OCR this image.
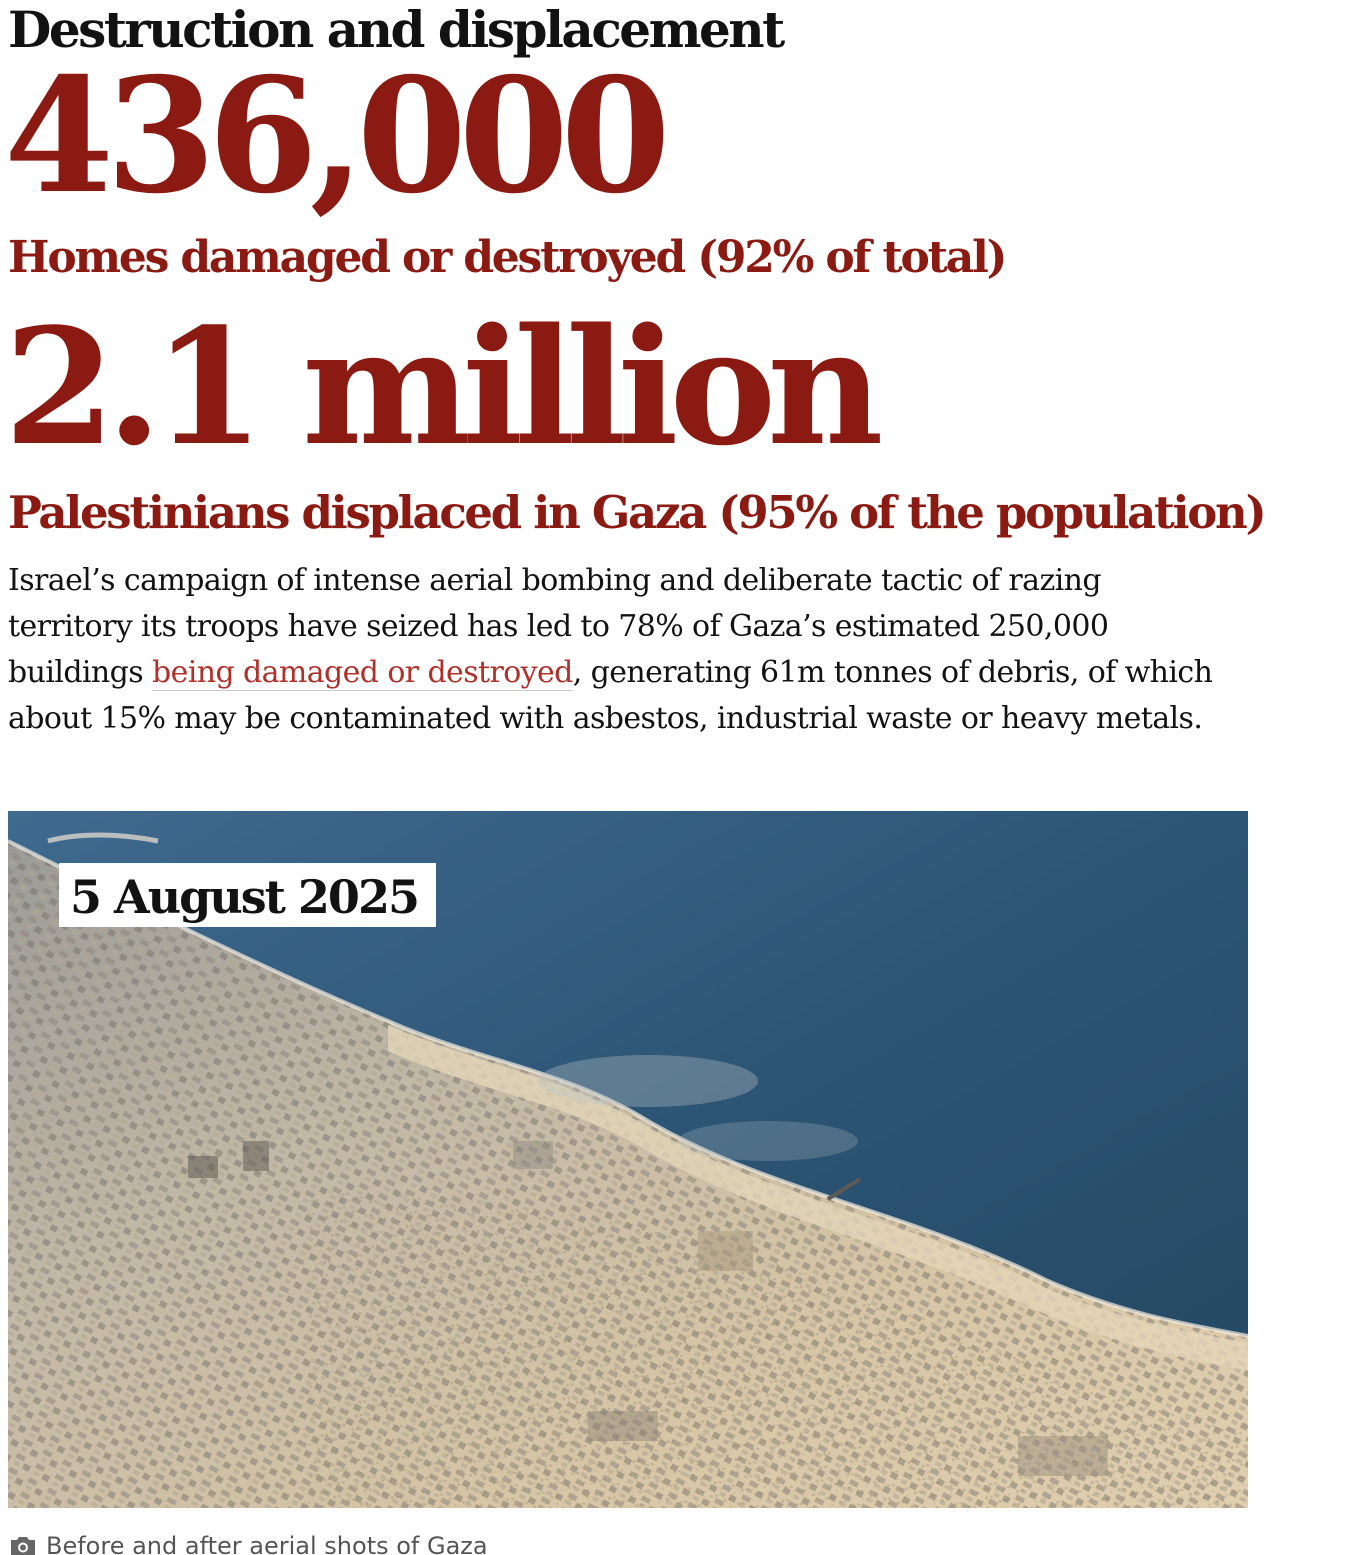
Destruction and displacement
436,000
Homes damaged or destroyed (92% of total)
2.1 million
Palestinians displaced in Gaza (95% of the population)

Israel’s campaign of intense aerial bombing and deliberate tactic of razing territory its troops have seized has led to 78% of Gaza’s estimated 250,000 buildings being damaged or destroyed, generating 61m tonnes of debris, of which about 15% may be contaminated with asbestos, industrial waste or heavy metals.

5 August 2025
Before and after aerial shots of Gaza
